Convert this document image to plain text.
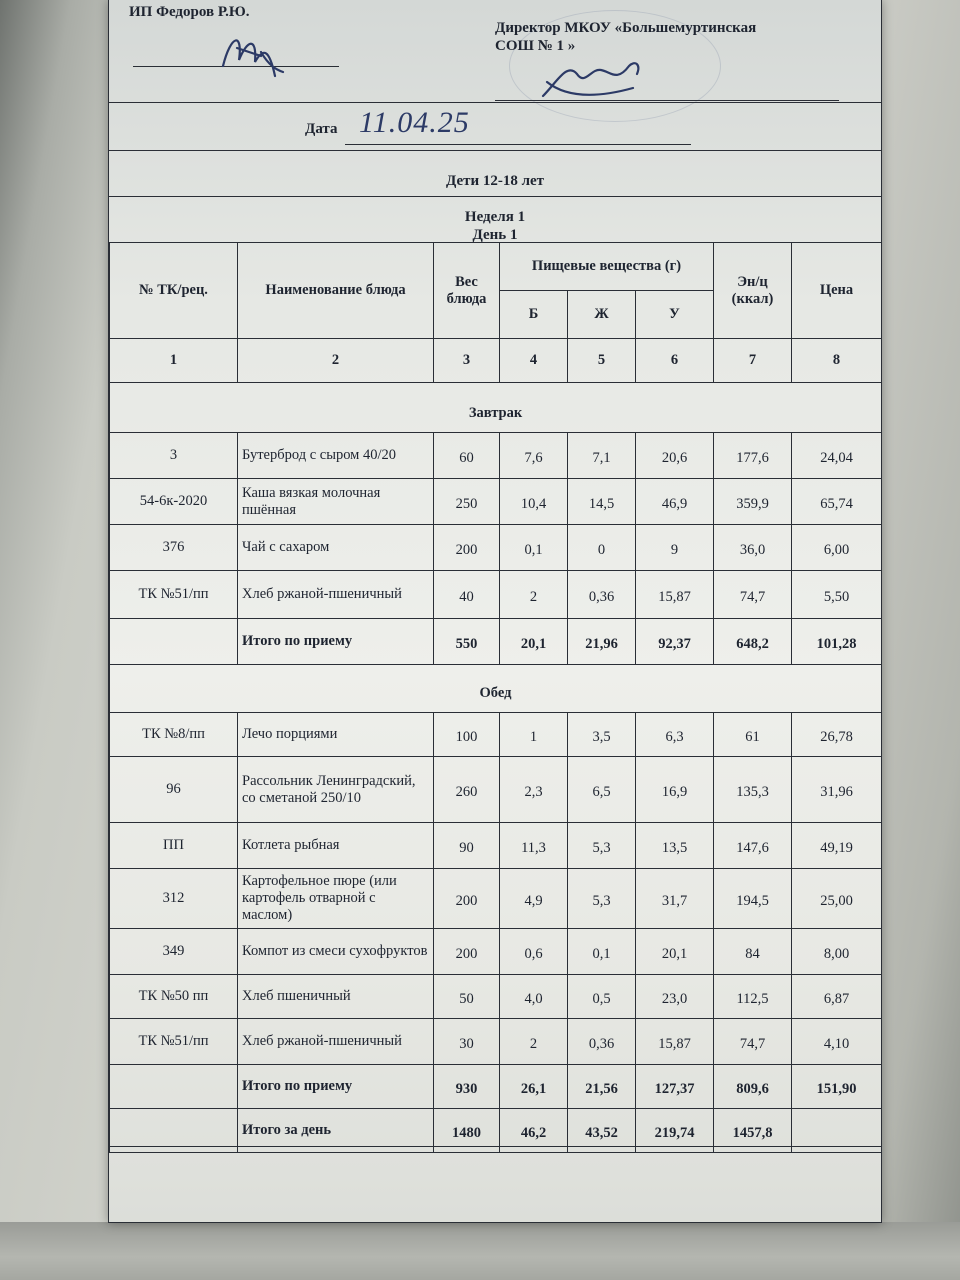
ИП Федоров Р.Ю.
Директор МКОУ «Большемуртинская
СОШ № 1 »
Дата 11.04.25
Дети 12-18 лет
Неделя 1
День 1
№ ТК/рец.	Наименование блюда	Вес блюда	Пищевые вещества (г)			Эн/ц (ккал)	Цена
			Б	Ж	У		
1	2	3	4	5	6	7	8
Завтрак							
3	Бутерброд с сыром 40/20	60	7,6	7,1	20,6	177,6	24,04
54-6к-2020	Каша вязкая молочная пшённая	250	10,4	14,5	46,9	359,9	65,74
376	Чай с сахаром	200	0,1	0	9	36,0	6,00
ТК №51/пп	Хлеб ржаной-пшеничный	40	2	0,36	15,87	74,7	5,50
	Итого по приему	550	20,1	21,96	92,37	648,2	101,28
Обед							
ТК №8/пп	Лечо порциями	100	1	3,5	6,3	61	26,78
96	Рассольник Ленинградский, со сметаной 250/10	260	2,3	6,5	16,9	135,3	31,96
ПП	Котлета рыбная	90	11,3	5,3	13,5	147,6	49,19
312	Картофельное пюре (или картофель отварной с маслом)	200	4,9	5,3	31,7	194,5	25,00
349	Компот из смеси сухофруктов	200	0,6	0,1	20,1	84	8,00
ТК №50 пп	Хлеб пшеничный	50	4,0	0,5	23,0	112,5	6,87
ТК №51/пп	Хлеб ржаной-пшеничный	30	2	0,36	15,87	74,7	4,10
	Итого по приему	930	26,1	21,56	127,37	809,6	151,90
	Итого за день	1480	46,2	43,52	219,74	1457,8	
